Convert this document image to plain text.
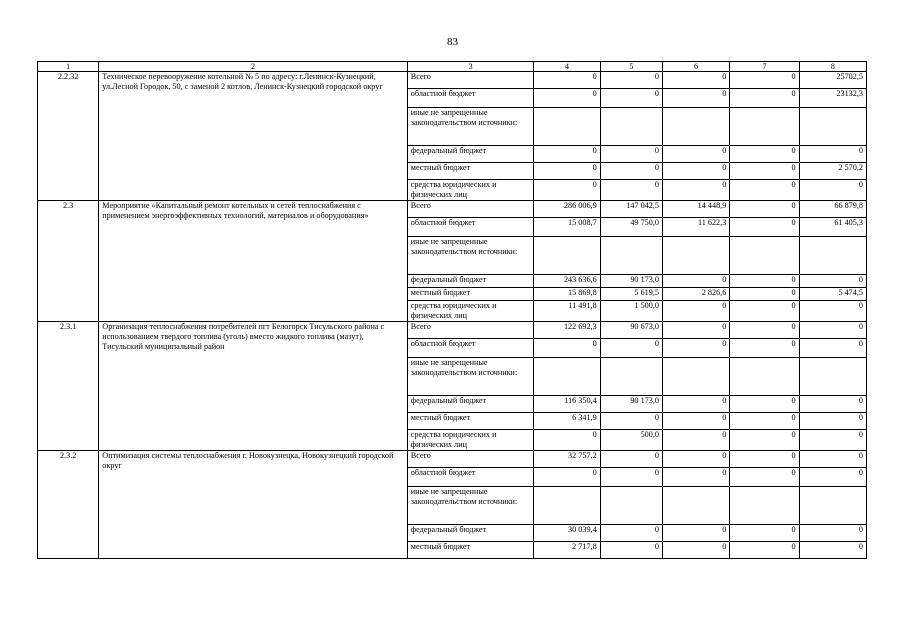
83
1	2	3	4	5	6	7	8
2.2.32	Техническое перевооружение котельной № 5 по адресу: г.Ленинск-Кузнецкий, ул.Лесной Городок, 50, с заменой 2 котлов, Ленинск-Кузнецкий городской округ	Всего	0	0	0	0	25702,5
		областной бюджет	0	0	0	0	23132,3
		иные не запрещенные законодательством источники:					
		федеральный бюджет	0	0	0	0	0
		местный бюджет	0	0	0	0	2 570,2
		средства юридических и физических лиц	0	0	0	0	0
2.3	Мероприятие «Капитальный ремонт котельных и сетей теплоснабжения с применением энергоэффективных технологий, материалов и оборудования»	Всего	286 006,9	147 042,5	14 448,9	0	66 879,8
		областной бюджет	15 008,7	49 750,0	11 622,3	0	61 405,3
		иные не запрещенные законодательством источники:					
		федеральный бюджет	243 636,6	90 173,0	0	0	0
		местный бюджет	15 869,8	5 619,5	2 826,6	0	5 474,5
		средства юридических и физических лиц	11 491,8	1 500,0	0	0	0
2.3.1	Организация теплоснабжения потребителей пгт Белогорск Тисульского района с использованием твердого топлива (уголь) вместо жидкого топлива (мазут), Тисульский муниципальный район	Всего	122 692,3	90 673,0	0	0	0
		областной бюджет	0	0	0	0	0
		иные не запрещенные законодательством источники:					
		федеральный бюджет	116 350,4	90 173,0	0	0	0
		местный бюджет	6 341,9	0	0	0	0
		средства юридических и физических лиц	0	500,0	0	0	0
2.3.2	Оптимизация системы теплоснабжения г. Новокузнецка, Новокузнецкий городской округ	Всего	32 757,2	0	0	0	0
		областной бюджет	0	0	0	0	0
		иные не запрещенные законодательством источники:					
		федеральный бюджет	30 039,4	0	0	0	0
		местный бюджет	2 717,8	0	0	0	0
